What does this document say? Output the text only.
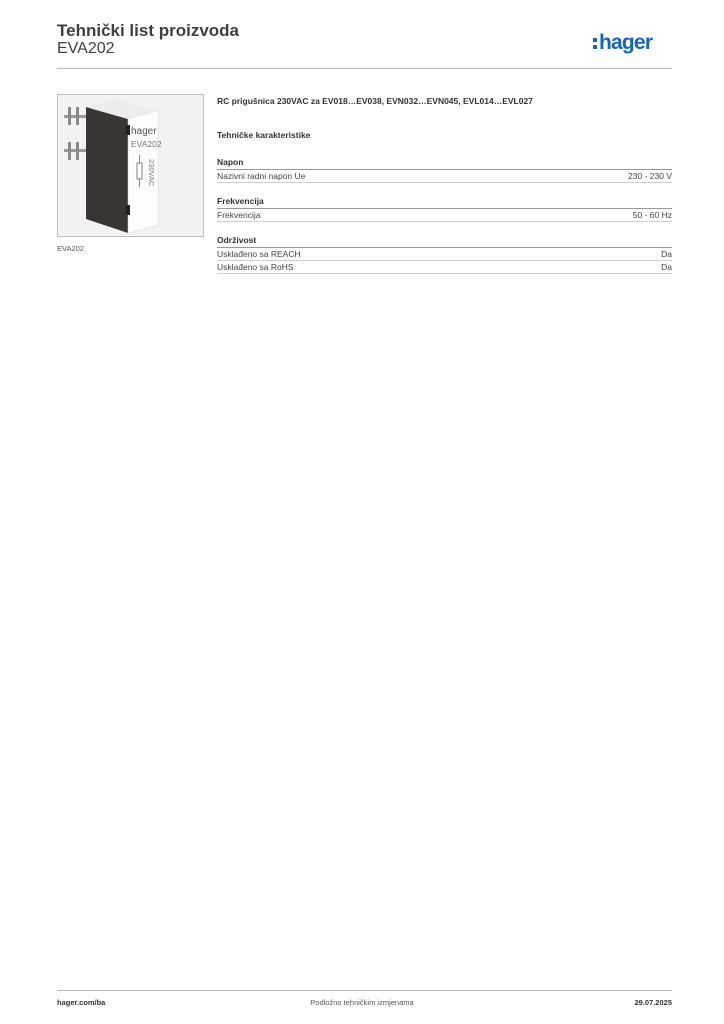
Tehnički list proizvoda
EVA202	hager
hager
EVA202
230VAC
EVA202
RC prigušnica 230VAC za EV018…EV038, EVN032…EVN045, EVL014…EVL027
Tehničke karakteristike
Napon
Nazivni radni napon Ue	230 - 230 V
Frekvencija
Frekvencija	50 - 60 Hz
Održivost
Usklađeno sa REACH	Da
Usklađeno sa RoHS	Da
hager.com/ba	Podložno tehničkim izmjenama	29.07.2025
